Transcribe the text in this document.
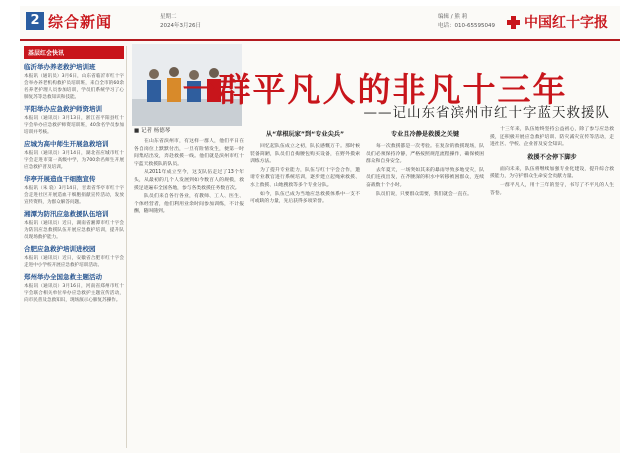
2 综合新闻	星期二
2024年3月26日
编辑 / 熊 莉
电话：010-65595049	中国红十字报
基层红会快讯
临沂举办养老救护培训班
本报讯（通讯员）3月6日，山东省临沂市红十字会举办养老机构救护员培训班，来自全市的60余名养老护理人员参加培训，学员们系统学习了心肺复苏等急救知识和技能。
平阳举办应急救护师资培训
本报讯（通讯员）3月13日，浙江省平阳县红十字会举办应急救护师资培训班，40余名学员参加培训并考核。
应城为高中师生开展急救培训
本报讯（通讯员）3月14日，湖北省应城市红十字会走进市第一高级中学，为700余名师生开展应急救护普及培训。
华亭开展造血干细胞宣传
本报讯（朱 骁）3月14日，甘肃省华亭市红十字会走进社区开展造血干细胞捐献宣传活动，发放宣传资料，为群众解答问题。
湘潭为防汛应急救援队伍培训
本报讯（通讯员）近日，湖南省湘潭市红十字会为防汛应急救援队伍开展应急救护培训，提升队员现场救护能力。
合肥应急救护培训进校园
本报讯（通讯员）近日，安徽省合肥市红十字会走进中小学校开展应急救护培训活动。
郑州举办全国急救主题活动
本报讯（通讯员）3月16日，河南省郑州市红十字会联合相关单位举办应急救护主题宣传活动，向市民普及急救知识，现场演示心肺复苏操作。
一群平凡人的非凡十三年
——记山东省滨州市红十字蓝天救援队
■ 记者 杨德琴
在山东省滨州市，有这样一群人，他们平日在各自岗位上默默付出，一旦有险情发生，便第一时间集结出发，奔赴救援一线。他们就是滨州市红十字蓝天救援队的队员。
从2011年成立至今，这支队伍走过了13个年头，从最初的几个人发展到如今数百人的规模，救援足迹遍布全国各地，参与各类救援任务数百次。
队员们来自各行各业，有教师、工人、医生、个体经营者，他们利用业余时间参加训练，不计报酬，随叫随到。
从“草根玩家”到“专业尖兵”
回忆起队伍成立之初，队长感慨万千。那时候装备简陋，队员们自掏腰包购买设备，在野外摸索训练方法。
为了提升专业能力，队伍与红十字会合作，邀请专业教官进行系统培训，逐步建立起绳索救援、水上救援、山地搜救等多个专业分队。
如今，队伍已成为当地应急救援体系中一支不可或缺的力量，先后获得多项荣誉。
专业且冷静是救援之关键
每一次救援都是一次考验。在复杂的救援现场，队员们必须保持冷静，严格按照规范流程操作，确保被困群众和自身安全。
去年夏天，一场突如其来的暴雨导致多地受灾，队员们连夜出发，在齐腰深的积水中转移被困群众，连续奋战数十个小时。
队员们说，只要群众需要，我们就会一直在。
十三年来，队伍始终坚持公益初心，除了参与应急救援，还积极开展应急救护培训、防灾减灾宣传等活动，走进社区、学校、企业普及安全知识。
救援不会停下脚步
面向未来，队伍将继续加强专业化建设，提升综合救援能力，为守护群众生命安全贡献力量。
一群平凡人，用十三年的坚守，书写了不平凡的人生答卷。
